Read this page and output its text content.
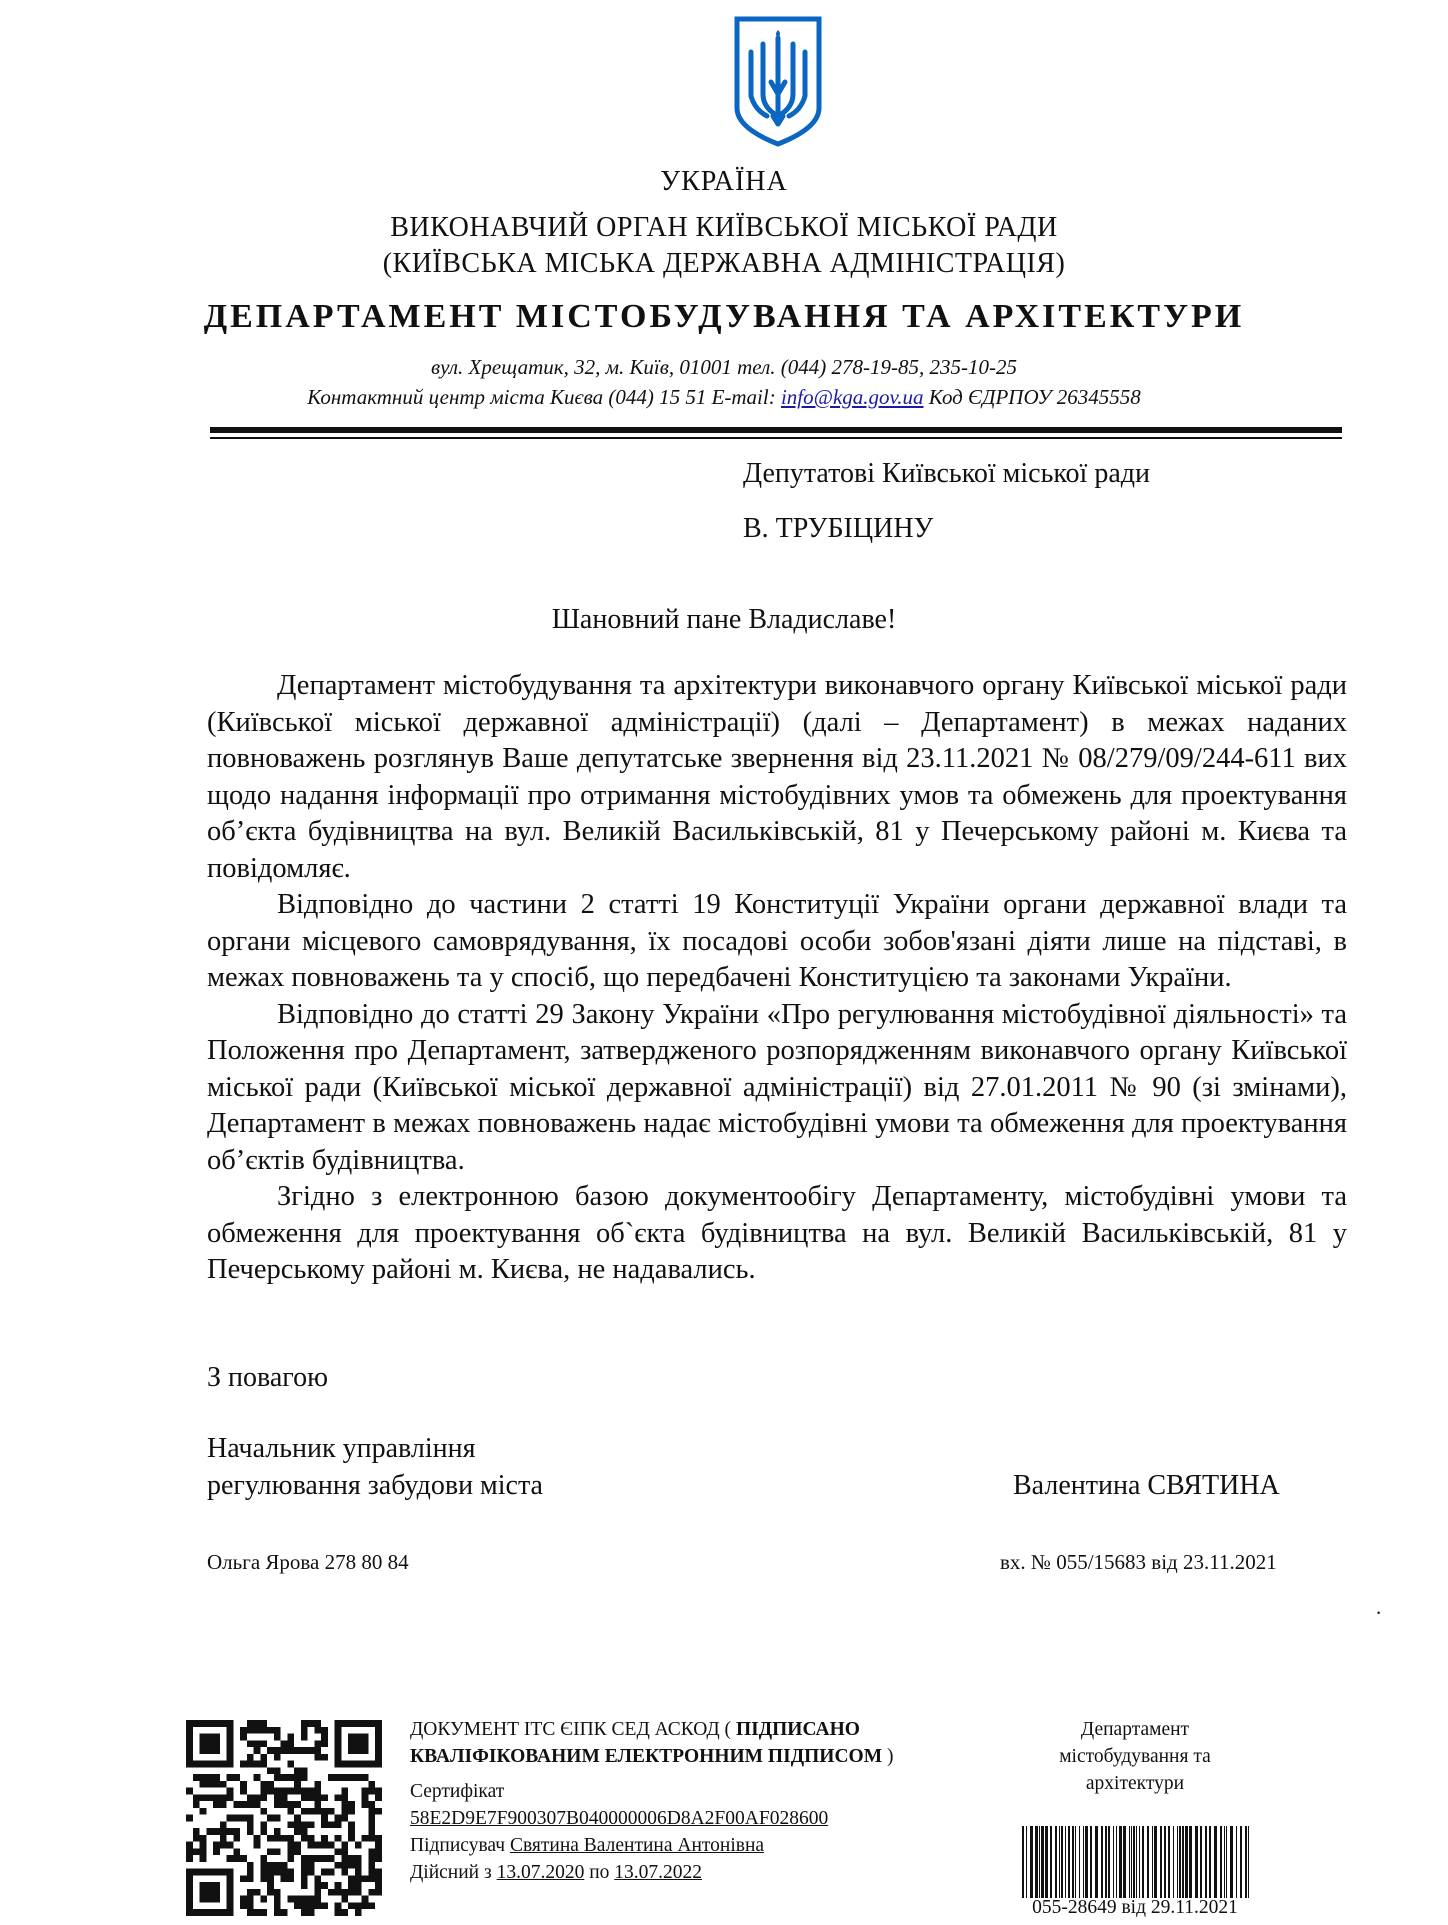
УКРАЇНА
ВИКОНАВЧИЙ ОРГАН КИЇВСЬКОЇ МІСЬКОЇ РАДИ
(КИЇВСЬКА МІСЬКА ДЕРЖАВНА АДМІНІСТРАЦІЯ)
ДЕПАРТАМЕНТ МІСТОБУДУВАННЯ ТА АРХІТЕКТУРИ
вул. Хрещатик, 32, м. Київ, 01001 тел. (044) 278-19-85, 235-10-25
Контактний центр міста Києва (044) 15 51 E-mail: info@kga.gov.ua Код ЄДРПОУ 26345558
Депутатові Київської міської ради
В. ТРУБІЦИНУ
Шановний пане Владиславе!

Департамент містобудування та архітектури виконавчого органу Київської міської ради (Київської міської державної адміністрації) (далі – Департамент) в межах наданих повноважень розглянув Ваше депутатське звернення від 23.11.2021 № 08/279/09/244-611 вих щодо надання інформації про отримання містобудівних умов та обмежень для проектування об’єкта будівництва на вул. Великій Васильківській, 81 у Печерському районі м. Києва та повідомляє.

Відповідно до частини 2 статті 19 Конституції України органи державної влади та органи місцевого самоврядування, їх посадові особи зобов'язані діяти лише на підставі, в межах повноважень та у спосіб, що передбачені Конституцією та законами України.

Відповідно до статті 29 Закону України «Про регулювання містобудівної діяльності» та Положення про Департамент, затвердженого розпорядженням виконавчого органу Київської міської ради (Київської міської державної адміністрації) від 27.01.2011 № 90 (зі змінами), Департамент в межах повноважень надає містобудівні умови та обмеження для проектування об’єктів будівництва.

Згідно з електронною базою документообігу Департаменту, містобудівні умови та обмеження для проектування об`єкта будівництва на вул. Великій Васильківській, 81 у Печерському районі м. Києва, не надавались.

З повагою
Начальник управління
регулювання забудови міста	Валентина СВЯТИНА
Ольга Ярова 278 80 84	вх. № 055/15683 від 23.11.2021
.
ДОКУМЕНТ ІТС ЄІПК СЕД АСКОД ( ПІДПИСАНО
КВАЛІФІКОВАНИМ ЕЛЕКТРОННИМ ПІДПИСОМ )
Сертифікат
58E2D9E7F900307B040000006D8A2F00AF028600
Підписувач Святина Валентина Антонівна
Дійсний з 13.07.2020 по 13.07.2022
Департамент
містобудування та
архітектури
055-28649 від 29.11.2021
